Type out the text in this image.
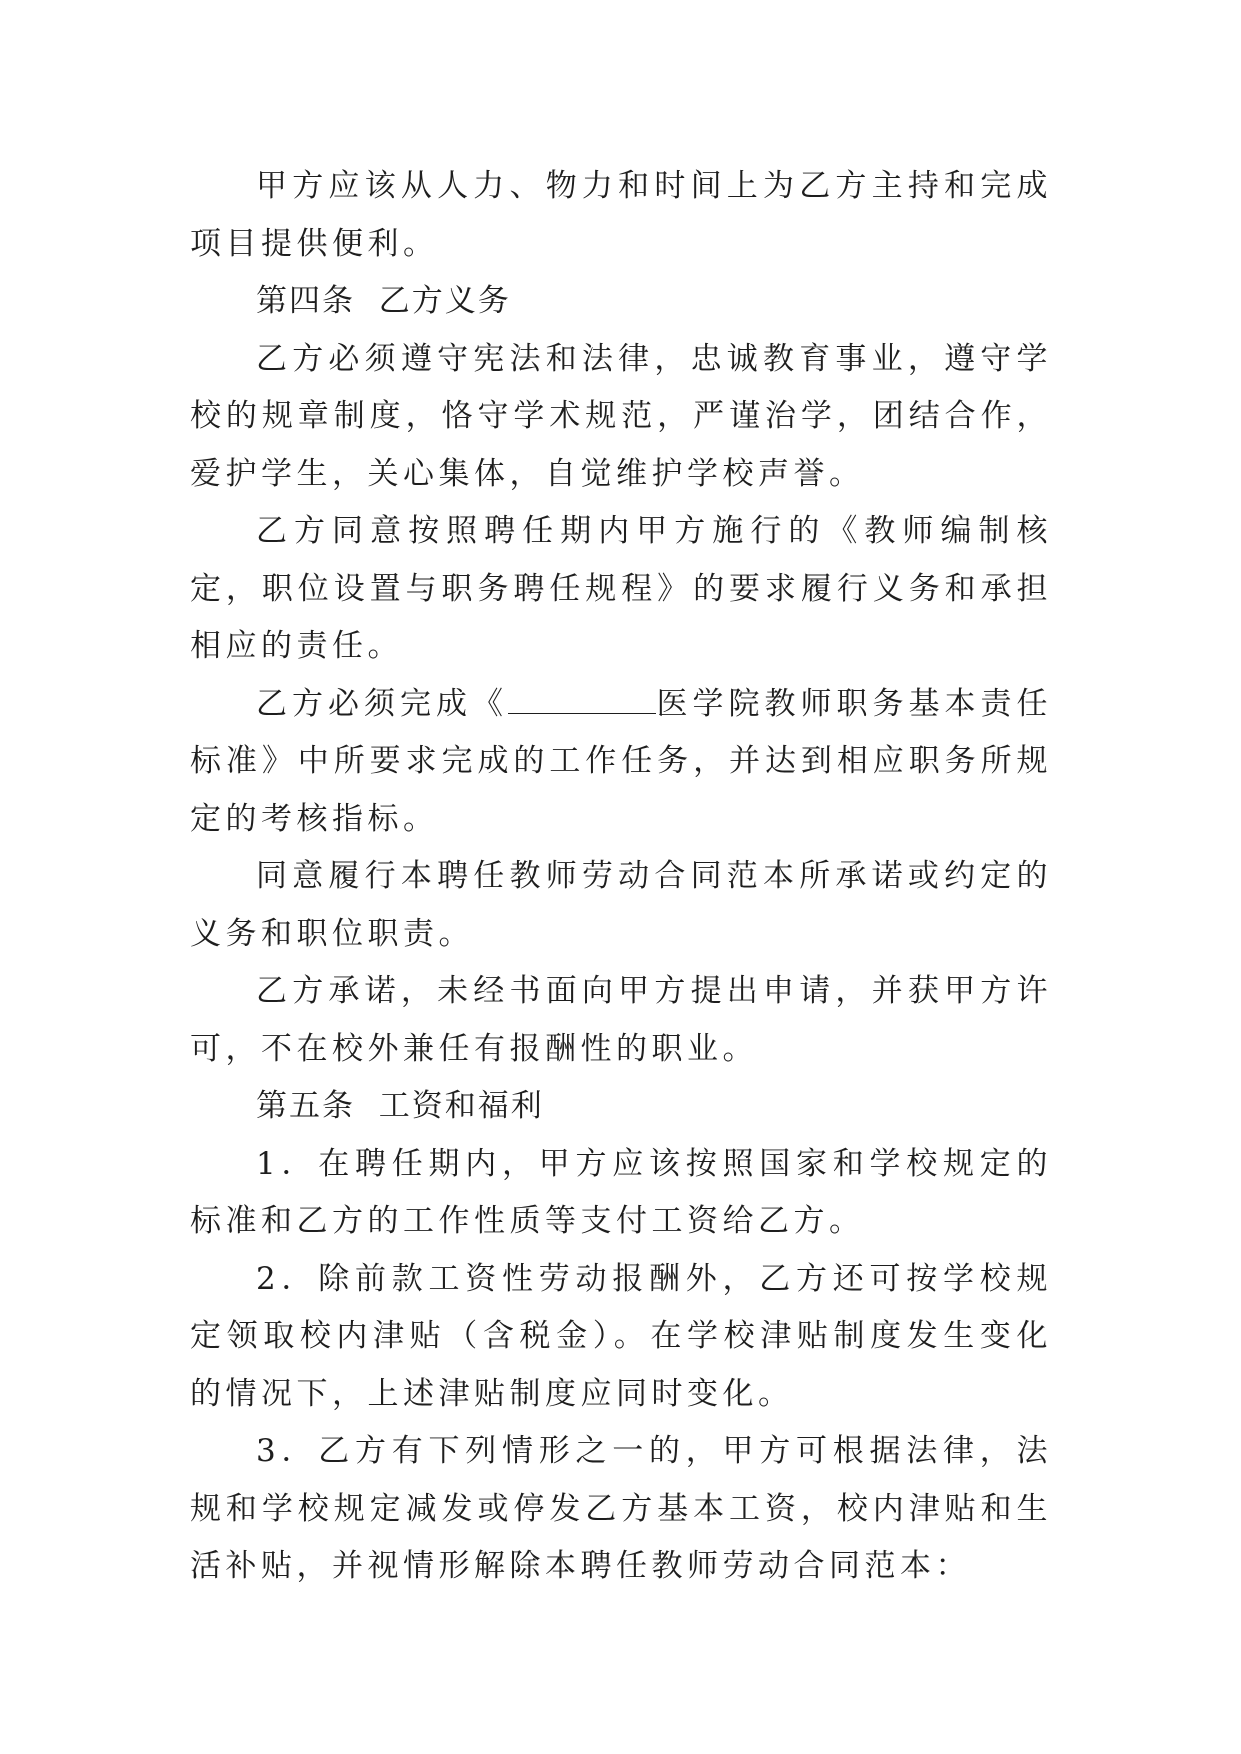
甲方应该从人力、物力和时间上为乙方主持和完成项目提供便利。

第四条  乙方义务

乙方必须遵守宪法和法律，忠诚教育事业，遵守学校的规章制度，恪守学术规范，严谨治学，团结合作，爱护学生，关心集体，自觉维护学校声誉。

乙方同意按照聘任期内甲方施行的《教师编制核定，职位设置与职务聘任规程》的要求履行义务和承担相应的责任。

乙方必须完成《	医学院教师职务基本责任标准》中所要求完成的工作任务，并达到相应职务所规定的考核指标。

同意履行本聘任教师劳动合同范本所承诺或约定的义务和职位职责。

乙方承诺，未经书面向甲方提出申请，并获甲方许可，不在校外兼任有报酬性的职业。

第五条  工资和福利

1．在聘任期内，甲方应该按照国家和学校规定的标准和乙方的工作性质等支付工资给乙方。

2．除前款工资性劳动报酬外，乙方还可按学校规定领取校内津贴（含税金）。在学校津贴制度发生变化的情况下，上述津贴制度应同时变化。

3．乙方有下列情形之一的，甲方可根据法律，法规和学校规定减发或停发乙方基本工资，校内津贴和生活补贴，并视情形解除本聘任教师劳动合同范本：
